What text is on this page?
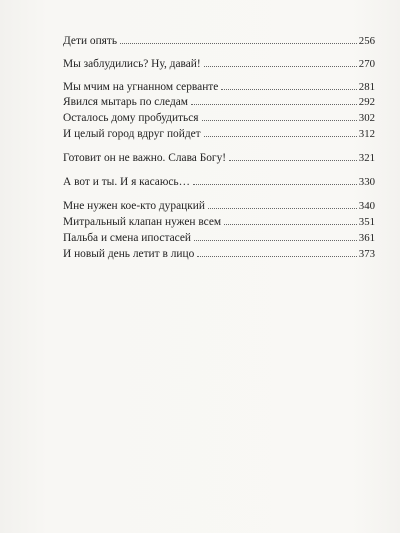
Дети опять	256
Мы заблудились? Ну, давай!	270
Мы мчим на угнанном серванте	281
Явился мытарь по следам	292
Осталось дому пробудиться	302
И целый город вдруг пойдет	312
Готовит он не важно. Слава Богу!	321
А вот и ты. И я касаюсь…	330
Мне нужен кое-кто дурацкий	340
Митральный клапан нужен всем	351
Пальба и смена ипостасей	361
И новый день летит в лицо	373
